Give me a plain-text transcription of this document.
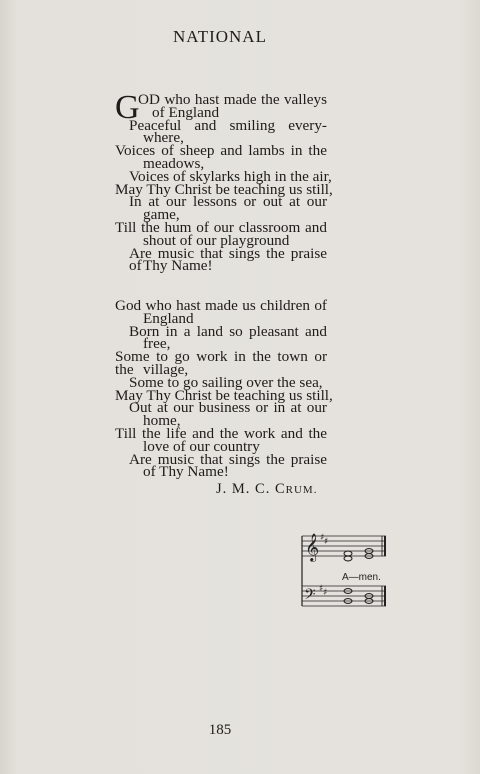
NATIONAL
G
OD who hast made the valleys
of England
Peaceful and smiling every-
where,
Voices of sheep and lambs in the
meadows,
Voices of skylarks high in the air,
May Thy Christ be teaching us still,
In at our lessons or out at our
game,
Till the hum of our classroom and
shout of our playground
Are music that sings the praise of Thy Name!
God who hast made us children of
England
Born in a land so pleasant and
free,
Some to go work in the town or the village,
Some to go sailing over the sea,
May Thy Christ be teaching us still,
Out at our business or in at our
home,
Till the life and the work and the
love of our country
Are music that sings the praise
of Thy Name!
J. M. C. CRUM.
𝄞 ♯ ♯
𝄢 ♯ ♯
A—men.
185
